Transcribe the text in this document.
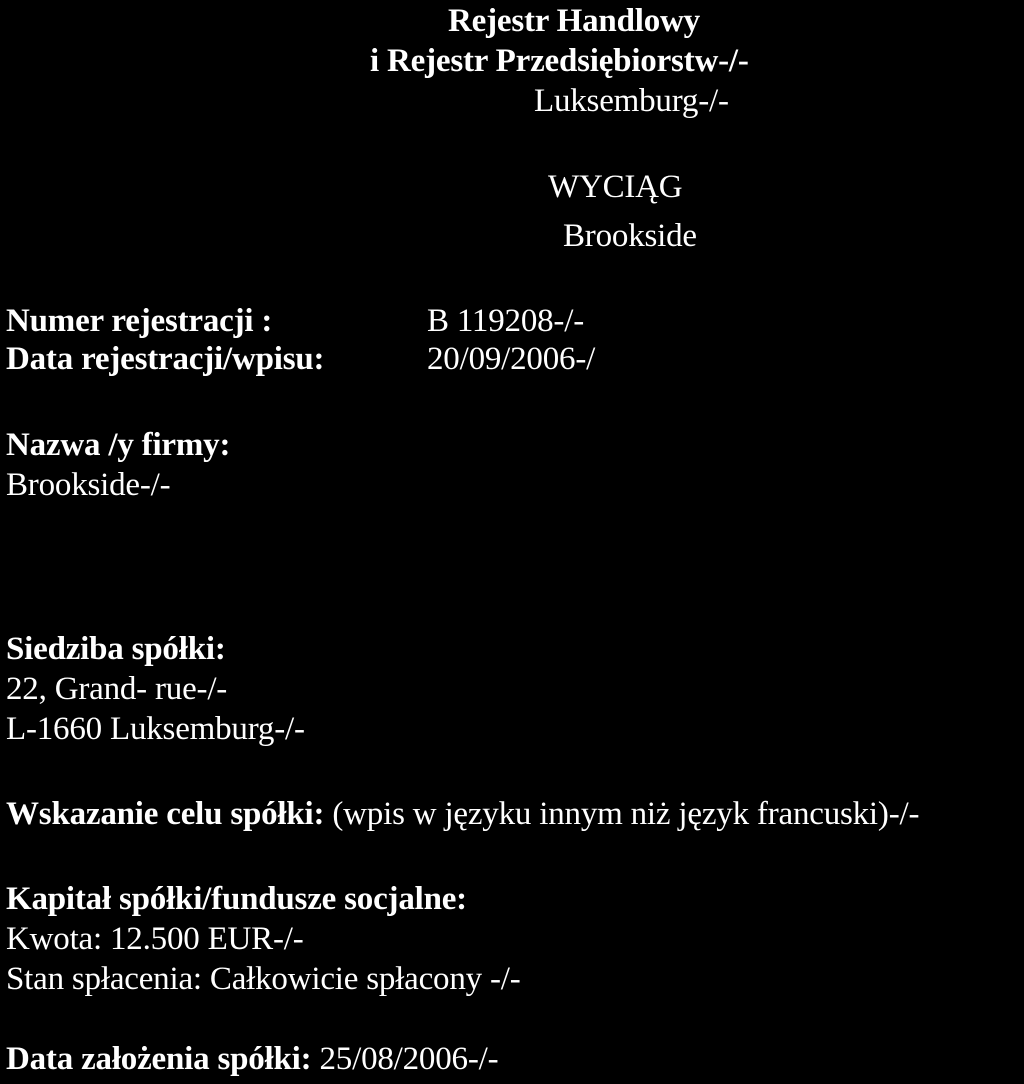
Rejestr Handlowy
i Rejestr Przedsiębiorstw-/-
Luksemburg-/-
WYCIĄG
Brookside
Numer rejestracji :	B 119208-/-
Data rejestracji/wpisu:	20/09/2006-/
Nazwa /y firmy:
Brookside-/-
Siedziba spółki:
22, Grand- rue-/-
L-1660 Luksemburg-/-
Wskazanie celu spółki: (wpis w języku innym niż język francuski)-/-
Kapitał spółki/fundusze socjalne:
Kwota: 12.500 EUR-/-
Stan spłacenia: Całkowicie spłacony -/-
Data założenia spółki: 25/08/2006-/-
